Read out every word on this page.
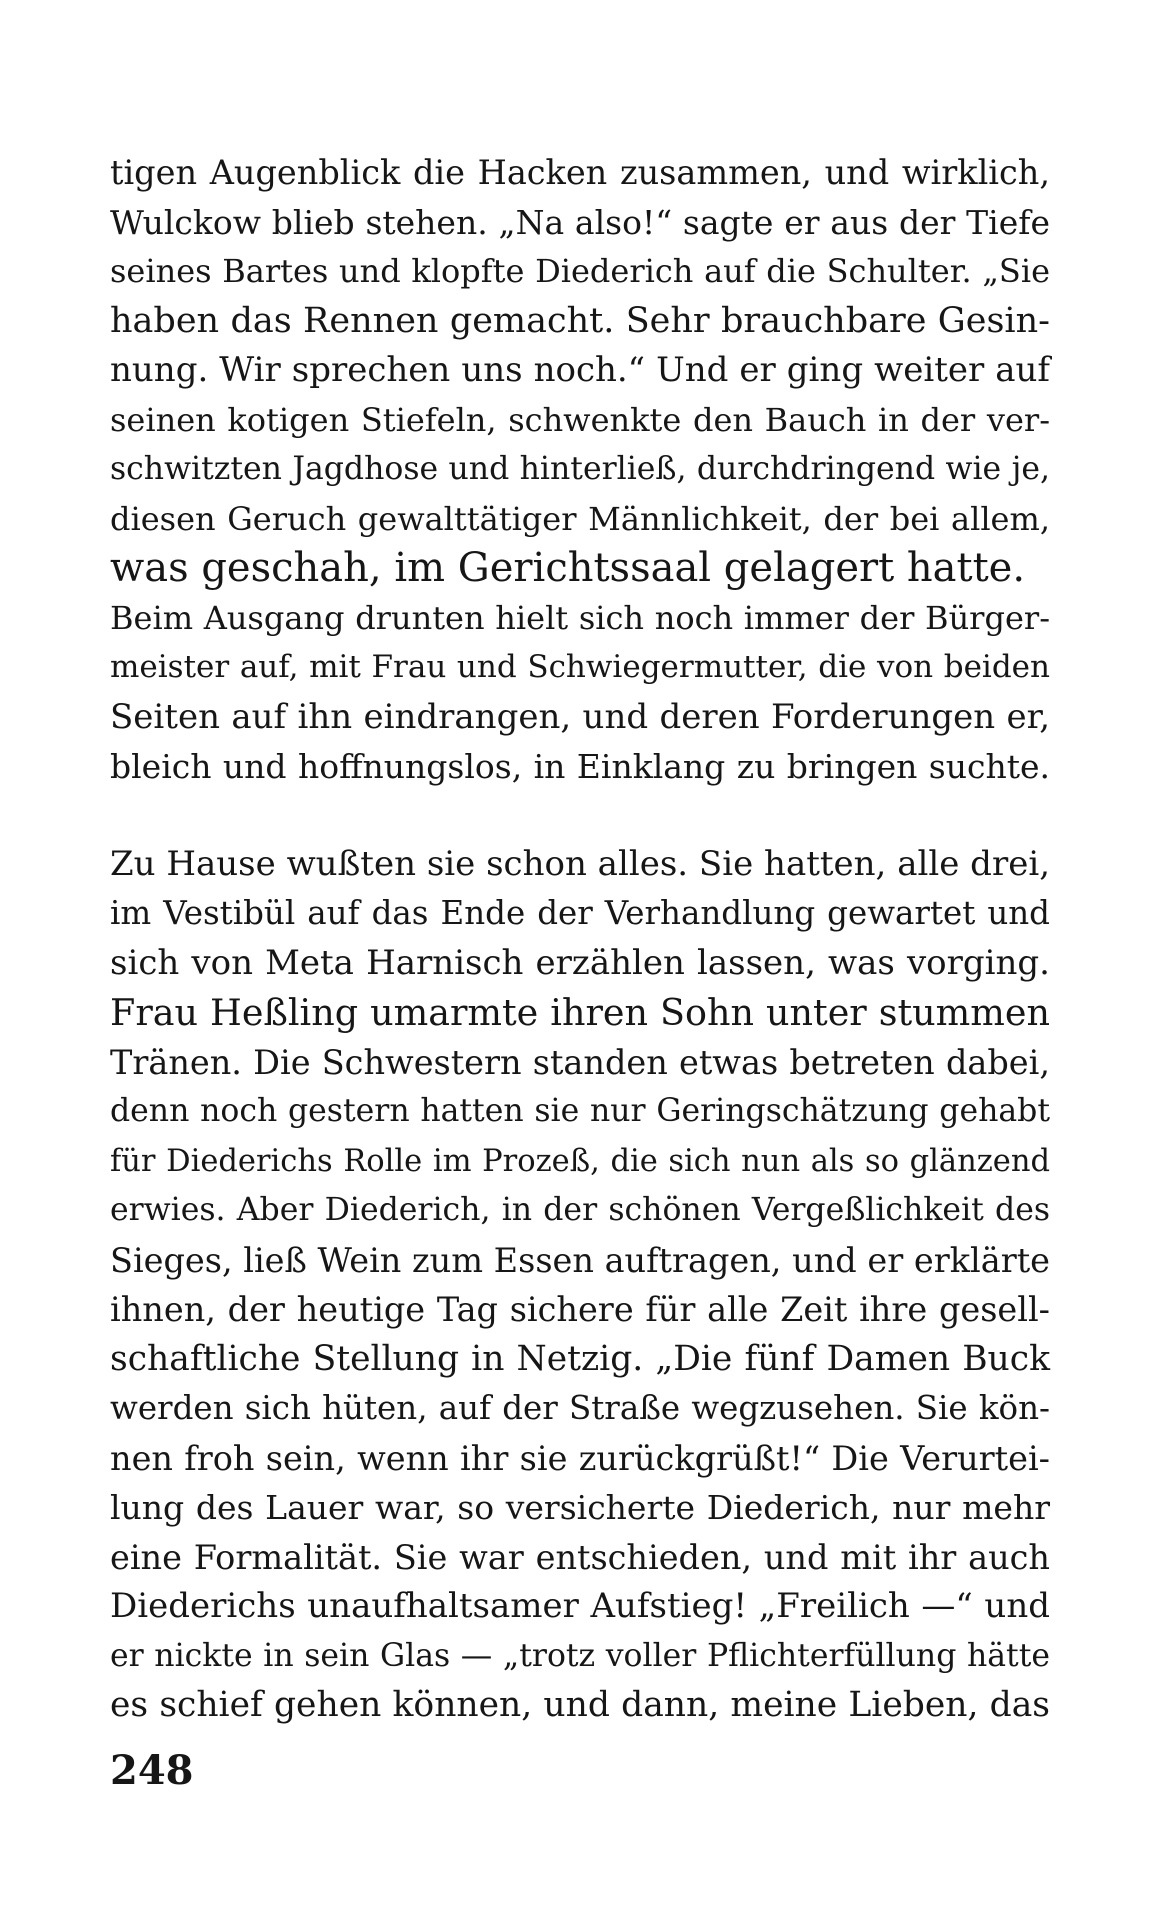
tigen Augenblick die Hacken zusammen, und wirklich,
Wulckow blieb stehen. „Na also!“ sagte er aus der Tiefe
seines Bartes und klopfte Diederich auf die Schulter. „Sie
haben das Rennen gemacht. Sehr brauchbare Gesin-
nung. Wir sprechen uns noch.“ Und er ging weiter auf
seinen kotigen Stiefeln, schwenkte den Bauch in der ver-
schwitzten Jagdhose und hinterließ, durchdringend wie je,
diesen Geruch gewalttätiger Männlichkeit, der bei allem,
was geschah, im Gerichtssaal gelagert hatte.
Beim Ausgang drunten hielt sich noch immer der Bürger-
meister auf, mit Frau und Schwiegermutter, die von beiden
Seiten auf ihn eindrangen, und deren Forderungen er,
bleich und hoffnungslos, in Einklang zu bringen suchte.
Zu Hause wußten sie schon alles. Sie hatten, alle drei,
im Vestibül auf das Ende der Verhandlung gewartet und
sich von Meta Harnisch erzählen lassen, was vorging.
Frau Heßling umarmte ihren Sohn unter stummen
Tränen. Die Schwestern standen etwas betreten dabei,
denn noch gestern hatten sie nur Geringschätzung gehabt
für Diederichs Rolle im Prozeß, die sich nun als so glänzend
erwies. Aber Diederich, in der schönen Vergeßlichkeit des
Sieges, ließ Wein zum Essen auftragen, und er erklärte
ihnen, der heutige Tag sichere für alle Zeit ihre gesell-
schaftliche Stellung in Netzig. „Die fünf Damen Buck
werden sich hüten, auf der Straße wegzusehen. Sie kön-
nen froh sein, wenn ihr sie zurückgrüßt!“ Die Verurtei-
lung des Lauer war, so versicherte Diederich, nur mehr
eine Formalität. Sie war entschieden, und mit ihr auch
Diederichs unaufhaltsamer Aufstieg! „Freilich —“ und
er nickte in sein Glas — „trotz voller Pflichterfüllung hätte
es schief gehen können, und dann, meine Lieben, das
248
